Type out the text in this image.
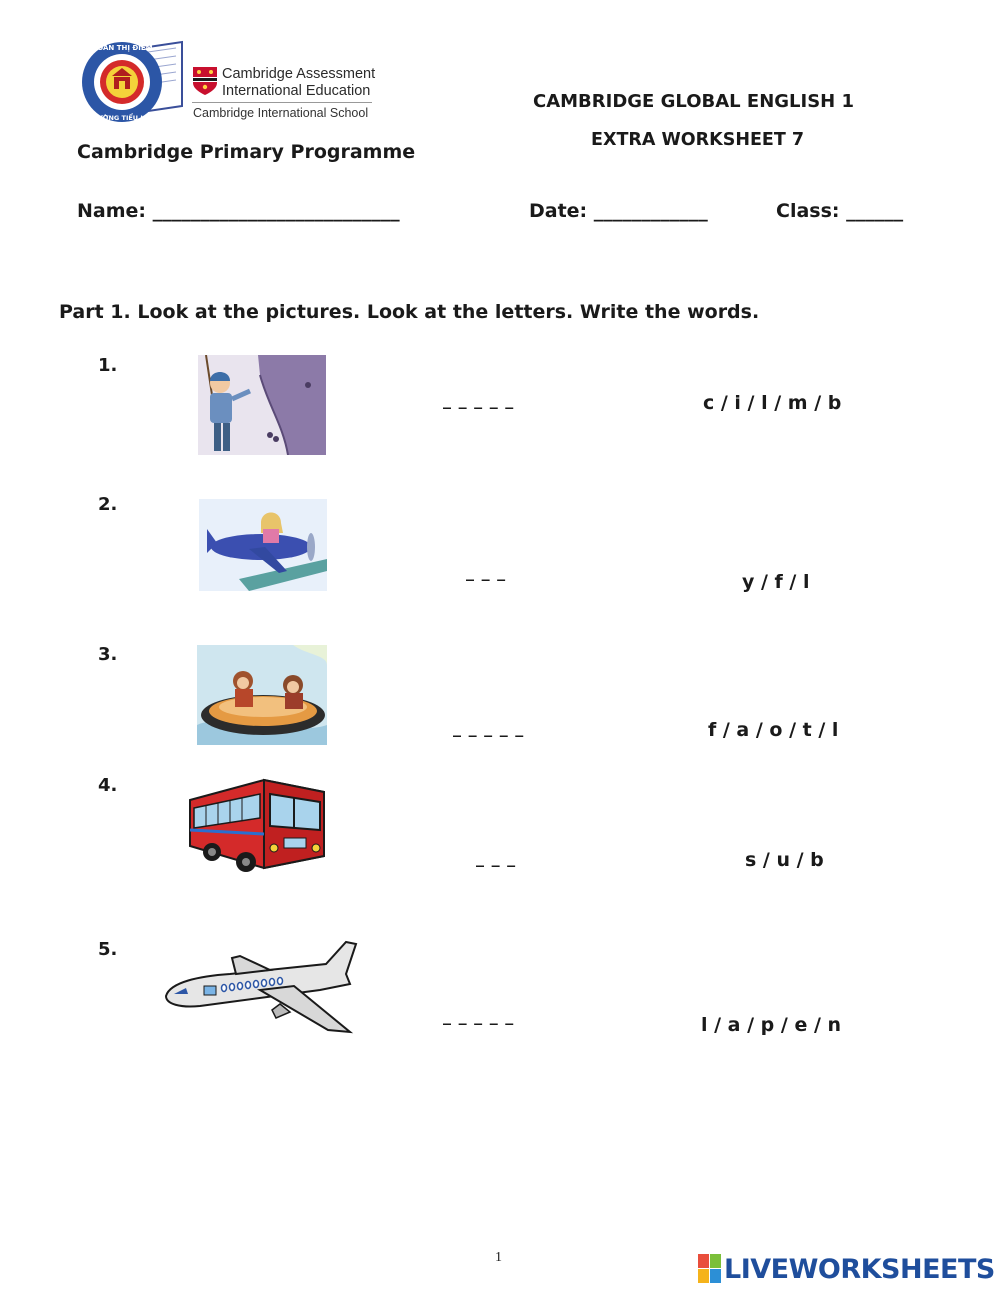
ĐOÀN THỊ ĐIỂM
TRƯỜNG TIỂU HỌC
Cambridge Assessment
International Education
Cambridge International School
Cambridge Primary Programme
CAMBRIDGE GLOBAL ENGLISH 1
EXTRA WORKSHEET 7
Name: __________________________	Date: ____________	Class: ______
Part 1. Look at the pictures. Look at the letters. Write the words.
1.
_ _ _ _ _	c / i / l / m / b
2.
_ _ _	y / f / l
3.
_ _ _ _ _	f / a / o / t / l
4.
_ _ _	s / u / b
5.
_ _ _ _ _	l / a / p / e / n
1	LIVEWORKSHEETS
